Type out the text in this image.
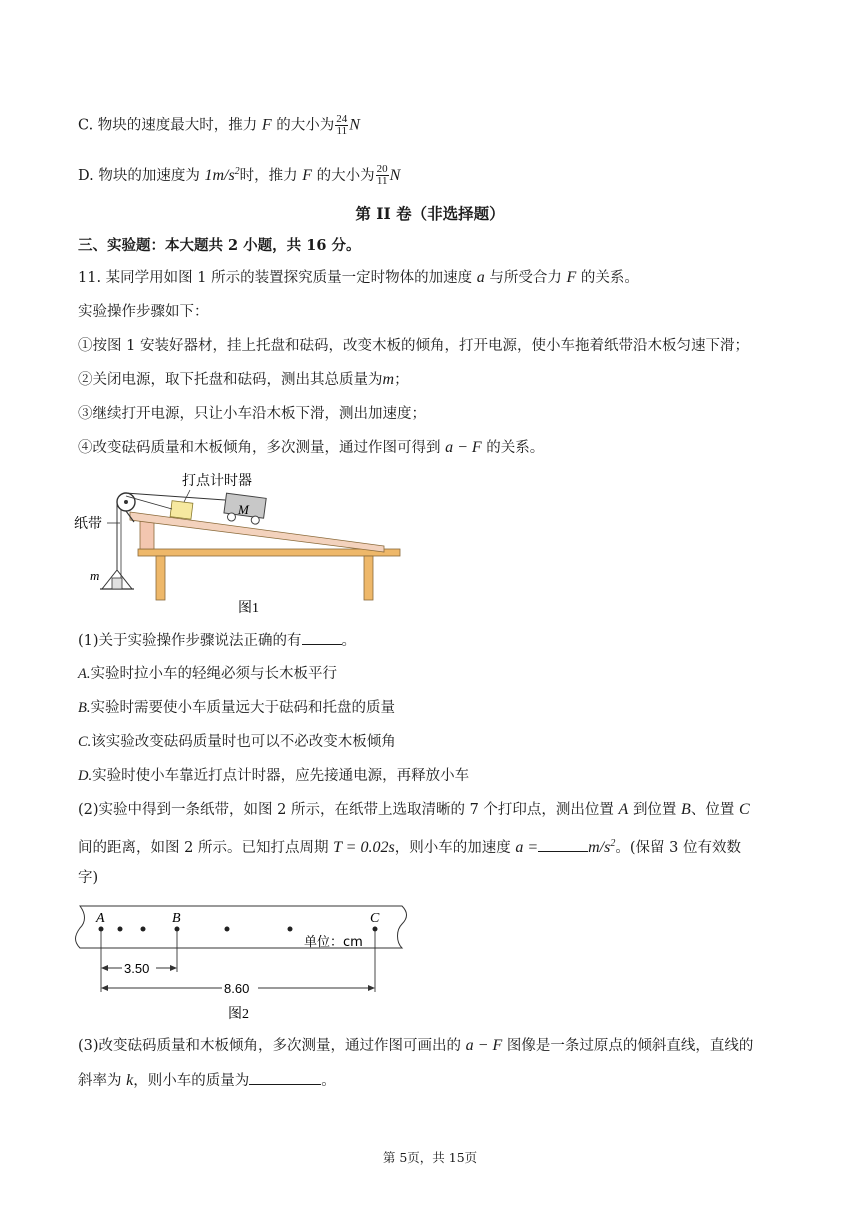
C. 物块的速度最大时，推力 F 的大小为 $\frac{24}{11}$ N
D. 物块的加速度为 $1m/s^2$时，推力 F 的大小为 $\frac{20}{11}$ N
第 II 卷（非选择题）
三、实验题：本大题共 2 小题，共 16 分。
11. 某同学用如图 1 所示的装置探究质量一定时物体的加速度 a 与所受合力 F 的关系。
实验操作步骤如下：
①按图 1 安装好器材，挂上托盘和砝码，改变木板的倾角，打开电源，使小车拖着纸带沿木板匀速下滑；
②关闭电源，取下托盘和砝码，测出其总质量为m；
③继续打开电源，只让小车沿木板下滑，测出加速度；
④改变砝码质量和木板倾角，多次测量，通过作图可得到 a − F 的关系。
M
打点计时器
纸带
m
图1
(1)关于实验操作步骤说法正确的有	。
A.实验时拉小车的轻绳必须与长木板平行
B.实验时需要使小车质量远大于砝码和托盘的质量
C.该实验改变砝码质量时也可以不必改变木板倾角
D.实验时使小车靠近打点计时器，应先接通电源，再释放小车
(2)实验中得到一条纸带，如图 2 所示，在纸带上选取清晰的 7 个打印点，测出位置 A 到位置 B、位置 C
间的距离，如图 2 所示。已知打点周期 T = 0.02s，则小车的加速度 a =	$m/s^2$。(保留 3 位有效数
字)
A	B	C
单位：cm
3.50
8.60
图2
(3)改变砝码质量和木板倾角，多次测量，通过作图可画出的 a − F 图像是一条过原点的倾斜直线，直线的
斜率为 k，则小车的质量为	。
第 5页，共 15页
